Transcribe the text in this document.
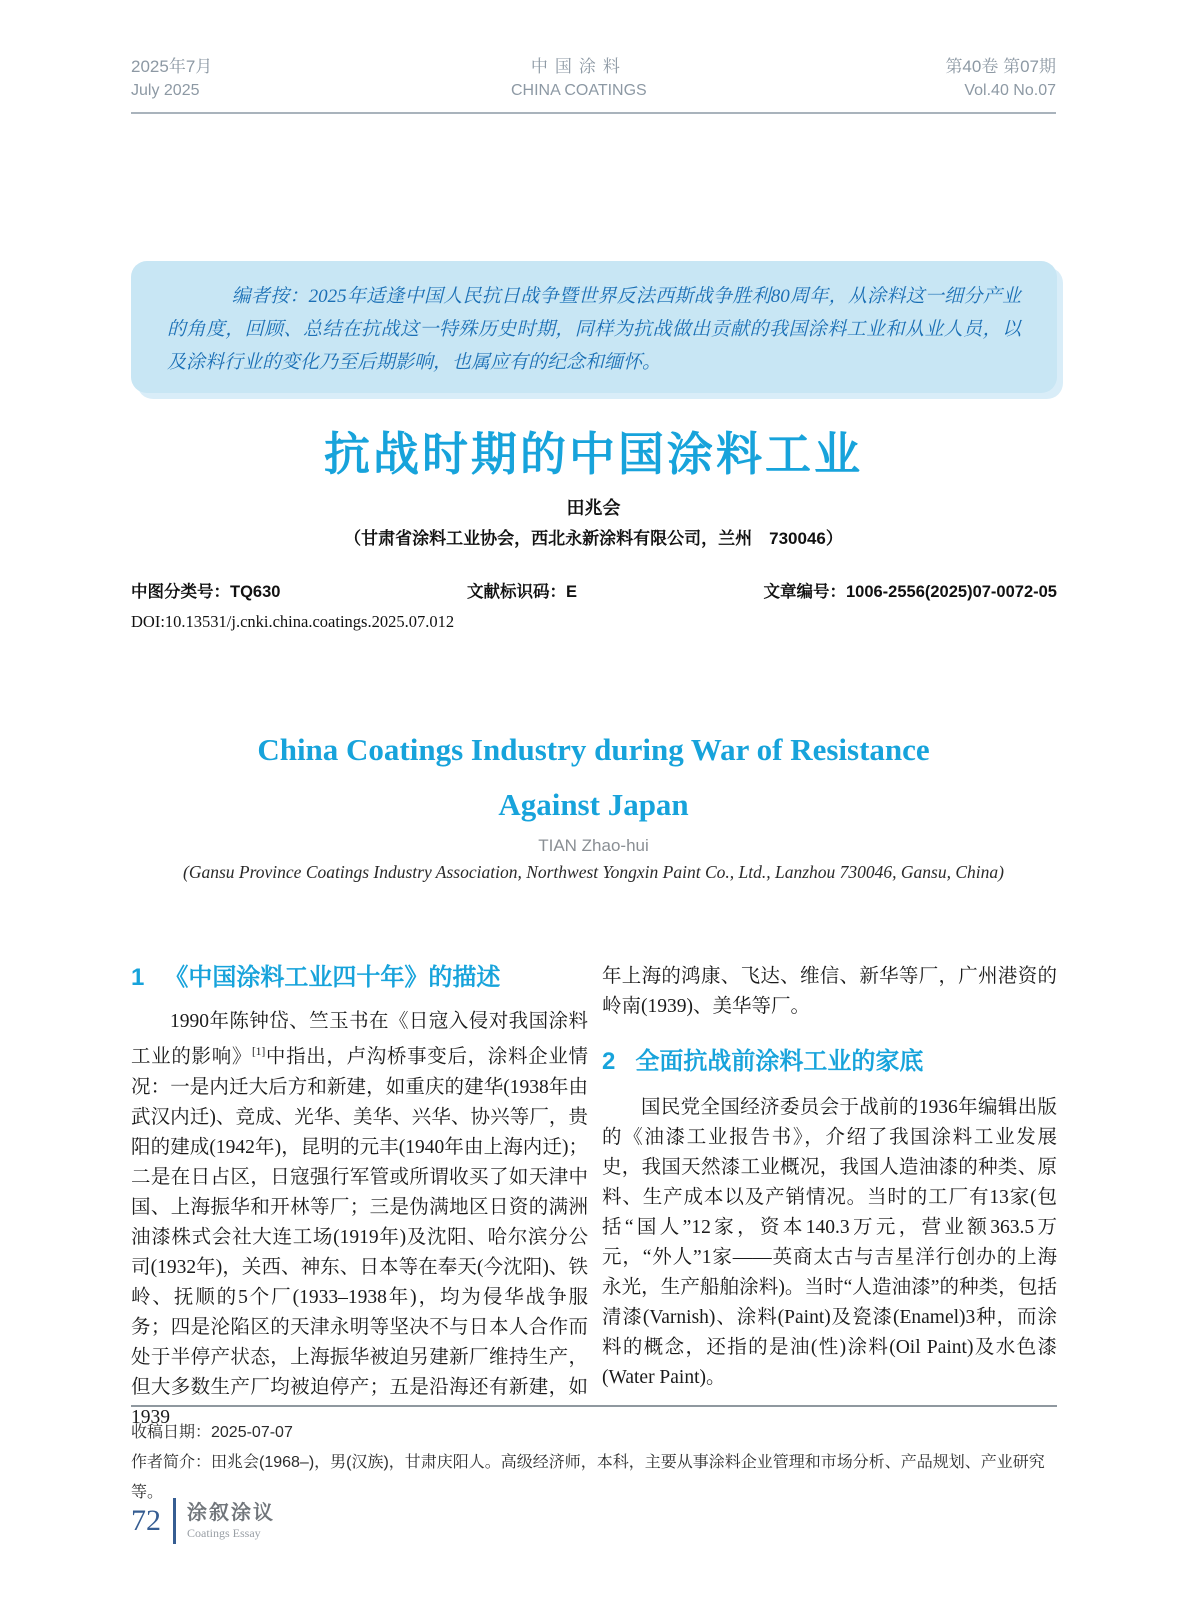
2025年7月
July 2025
中国涂料
CHINA COATINGS
第40卷 第07期
Vol.40 No.07

编者按：2025年适逢中国人民抗日战争暨世界反法西斯战争胜利80周年，从涂料这一细分产业的角度，回顾、总结在抗战这一特殊历史时期，同样为抗战做出贡献的我国涂料工业和从业人员，以及涂料行业的变化乃至后期影响，也属应有的纪念和缅怀。

抗战时期的中国涂料工业
田兆会
（甘肃省涂料工业协会，西北永新涂料有限公司，兰州　730046）
中图分类号：TQ630	文献标识码：E	文章编号：1006-2556(2025)07-0072-05
DOI:10.13531/j.cnki.china.coatings.2025.07.012
China Coatings Industry during War of Resistance
Against Japan
TIAN Zhao-hui
(Gansu Province Coatings Industry Association, Northwest Yongxin Paint Co., Ltd., Lanzhou 730046, Gansu, China)
1 《中国涂料工业四十年》的描述

1990年陈钟岱、竺玉书在《日寇入侵对我国涂料工业的影响》[1]中指出，卢沟桥事变后，涂料企业情况：一是内迁大后方和新建，如重庆的建华(1938年由武汉内迁)、竞成、光华、美华、兴华、协兴等厂，贵阳的建成(1942年)，昆明的元丰(1940年由上海内迁)；二是在日占区，日寇强行军管或所谓收买了如天津中国、上海振华和开林等厂；三是伪满地区日资的满洲油漆株式会社大连工场(1919年)及沈阳、哈尔滨分公司(1932年)，关西、神东、日本等在奉天(今沈阳)、铁岭、抚顺的5个厂(1933–1938年)，均为侵华战争服务；四是沦陷区的天津永明等坚决不与日本人合作而处于半停产状态，上海振华被迫另建新厂维持生产，但大多数生产厂均被迫停产；五是沿海还有新建，如1939

年上海的鸿康、飞达、维信、新华等厂，广州港资的岭南(1939)、美华等厂。

2 全面抗战前涂料工业的家底

国民党全国经济委员会于战前的1936年编辑出版的《油漆工业报告书》，介绍了我国涂料工业发展史，我国天然漆工业概况，我国人造油漆的种类、原料、生产成本以及产销情况。当时的工厂有13家(包括“国人”12家，资本140.3万元，营业额363.5万元，“外人”1家——英商太古与吉星洋行创办的上海永光，生产船舶涂料)。当时“人造油漆”的种类，包括清漆(Varnish)、涂料(Paint)及瓷漆(Enamel)3种，而涂料的概念，还指的是油(性)涂料(Oil Paint)及水色漆(Water Paint)。

收稿日期：2025-07-07
作者简介：田兆会(1968–)，男(汉族)，甘肃庆阳人。高级经济师，本科，主要从事涂料企业管理和市场分析、产品规划、产业研究等。
72 涂叙涂议
Coatings Essay
